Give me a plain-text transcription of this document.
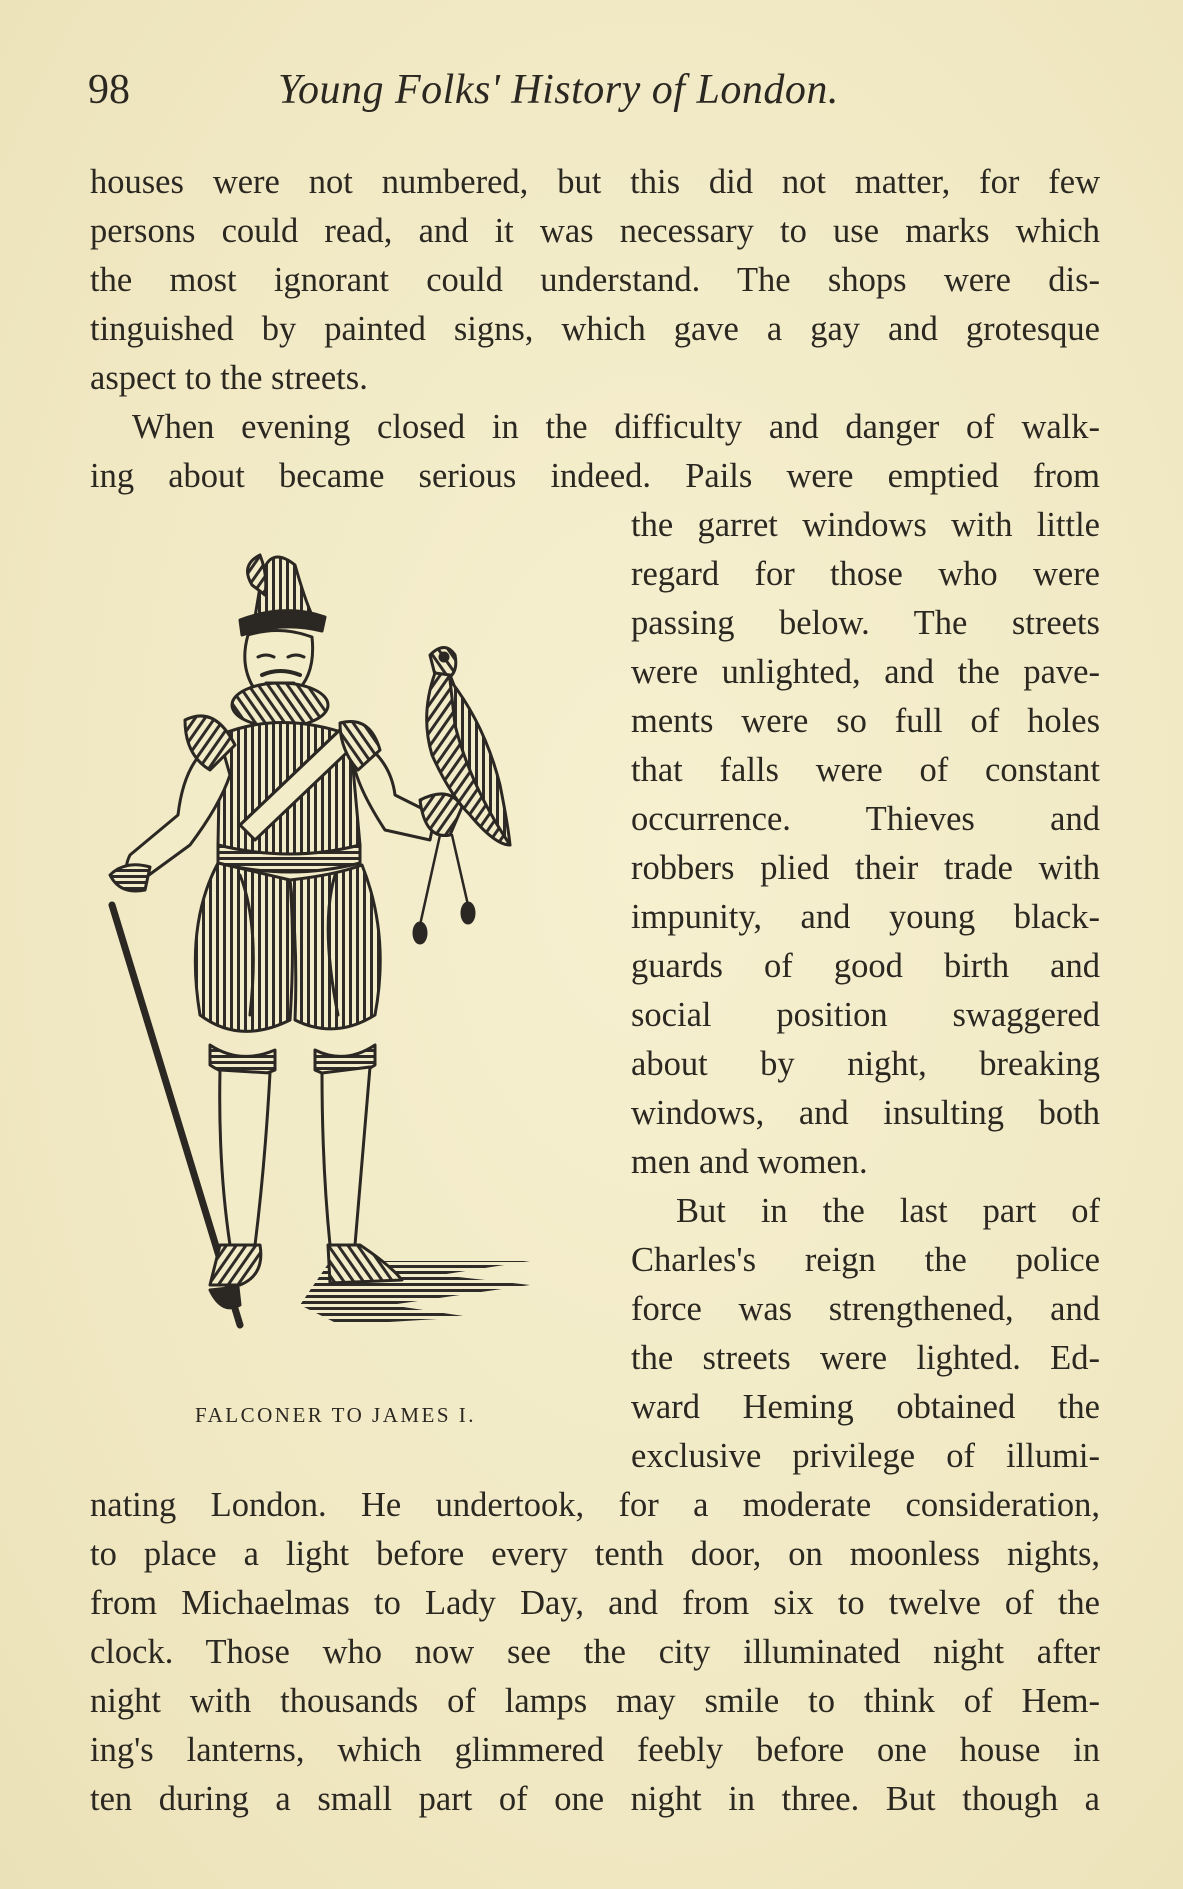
98	Young Folks' History of London.
houses were not numbered, but this did not matter, for few
persons could read, and it was necessary to use marks which
the most ignorant could understand. The shops were dis-
tinguished by painted signs, which gave a gay and grotesque
aspect to the streets.
When evening closed in the difficulty and danger of walk-
ing about became serious indeed. Pails were emptied from
the garret windows with little
regard for those who were
passing below. The streets
were unlighted, and the pave-
ments were so full of holes
that falls were of constant
occurrence. Thieves and
robbers plied their trade with
impunity, and young black-
guards of good birth and
social position swaggered
about by night, breaking
windows, and insulting both
men and women.
But in the last part of
Charles's reign the police
force was strengthened, and
the streets were lighted. Ed-
ward Heming obtained the
exclusive privilege of illumi-
nating London. He undertook, for a moderate consideration,
to place a light before every tenth door, on moonless nights,
from Michaelmas to Lady Day, and from six to twelve of the
clock. Those who now see the city illuminated night after
night with thousands of lamps may smile to think of Hem-
ing's lanterns, which glimmered feebly before one house in
ten during a small part of one night in three. But though a
FALCONER TO JAMES I.
